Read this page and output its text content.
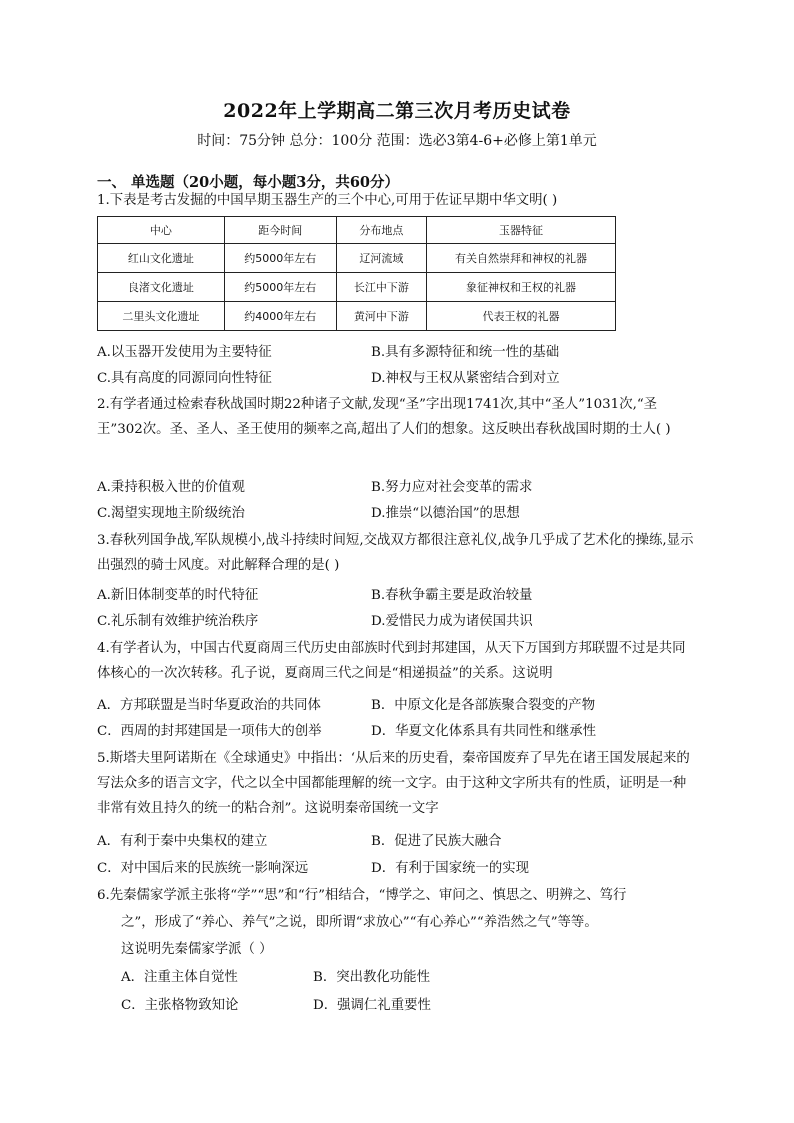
2022年上学期高二第三次月考历史试卷
时间：75分钟 总分：100分 范围：选必3第4-6+必修上第1单元
一、 单选题（20小题，每小题3分，共60分）
1.下表是考古发掘的中国早期玉器生产的三个中心,可用于佐证早期中华文明( )
中心	距今时间	分布地点	玉器特征
红山文化遗址	约5000年左右	辽河流域	有关自然崇拜和神权的礼器
良渚文化遗址	约5000年左右	长江中下游	象征神权和王权的礼器
二里头文化遗址	约4000年左右	黄河中下游	代表王权的礼器
A.以玉器开发使用为主要特征	B.具有多源特征和统一性的基础
C.具有高度的同源同向性特征	D.神权与王权从紧密结合到对立
2.有学者通过检索春秋战国时期22种诸子文献,发现“圣”字出现1741次,其中“圣人”1031次,“圣王”302次。圣、圣人、圣王使用的频率之高,超出了人们的想象。这反映出春秋战国时期的士人( )
A.秉持积极入世的价值观	B.努力应对社会变革的需求
C.渴望实现地主阶级统治	D.推崇“以德治国”的思想
3.春秋列国争战,军队规模小,战斗持续时间短,交战双方都很注意礼仪,战争几乎成了艺术化的操练,显示出强烈的骑士风度。对此解释合理的是( )
A.新旧体制变革的时代特征	B.春秋争霸主要是政治较量
C.礼乐制有效维护统治秩序	D.爱惜民力成为诸侯国共识
4.有学者认为，中国古代夏商周三代历史由部族时代到封邦建国，从天下万国到方邦联盟不过是共同体核心的一次次转移。孔子说，夏商周三代之间是“相递损益”的关系。这说明
A．方邦联盟是当时华夏政治的共同体	B．中原文化是各部族聚合裂变的产物
C．西周的封邦建国是一项伟大的创举	D．华夏文化体系具有共同性和继承性
5.斯塔夫里阿诺斯在《全球通史》中指出：‘从后来的历史看，秦帝国废弃了早先在诸王国发展起来的写法众多的语言文字，代之以全中国都能理解的统一文字。由于这种文字所共有的性质，证明是一种非常有效且持久的统一的粘合剂”。这说明秦帝国统一文字
A．有利于秦中央集权的建立	B．促进了民族大融合
C．对中国后来的民族统一影响深远	D．有利于国家统一的实现
6.先秦儒家学派主张将“学”“思”和“行”相结合，“博学之、审问之、慎思之、明辨之、笃行
之”，形成了“养心、养气”之说，即所谓“求放心”“有心养心”“养浩然之气”等等。
这说明先秦儒家学派（ ）
A．注重主体自觉性	B．突出教化功能性
C．主张格物致知论	D．强调仁礼重要性
